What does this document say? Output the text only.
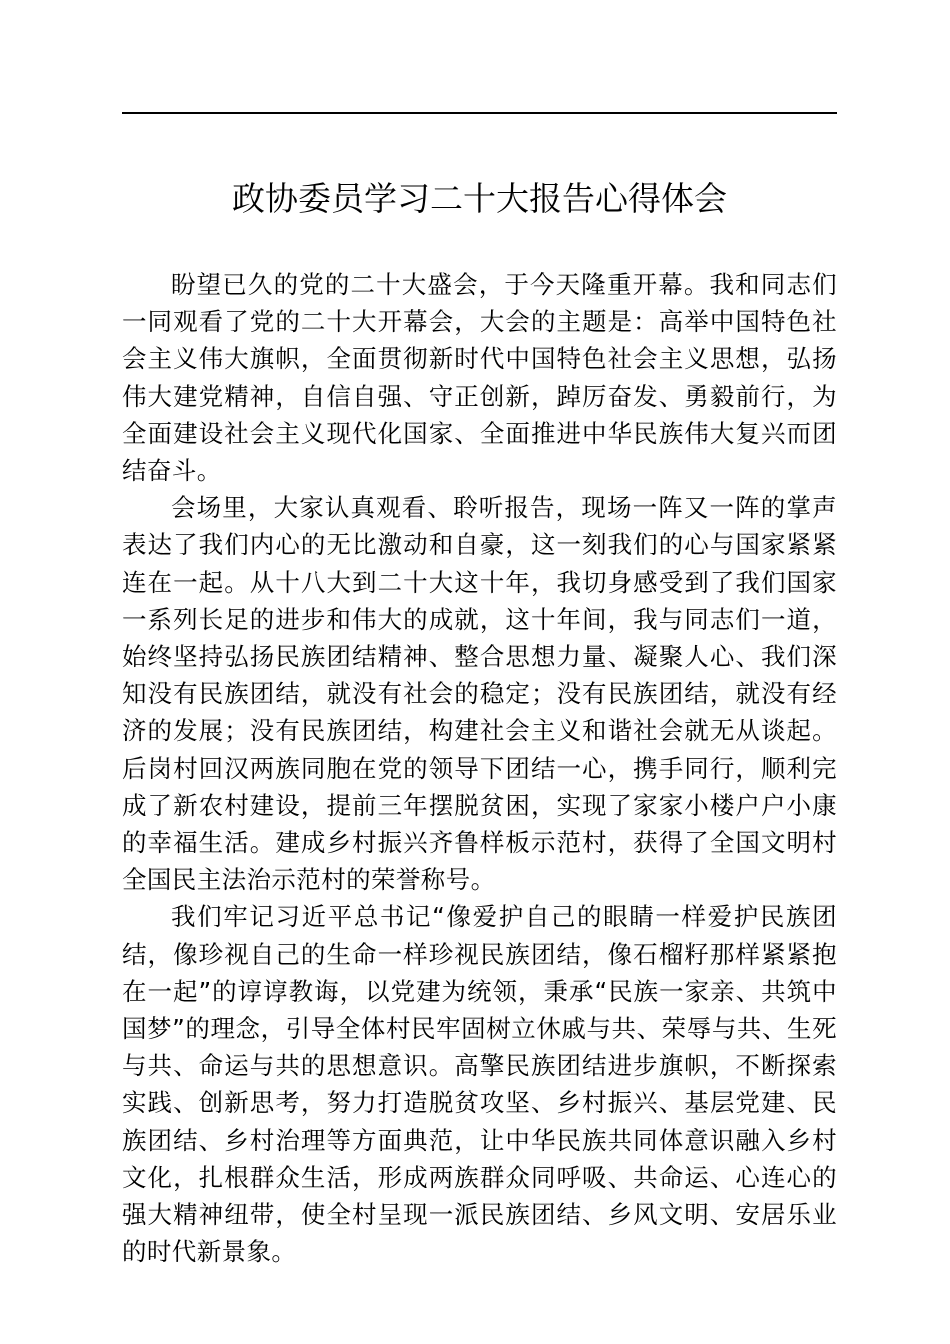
政协委员学习二十大报告心得体会

盼望已久的党的二十大盛会，于今天隆重开幕。我和同志们一同观看了党的二十大开幕会，大会的主题是：高举中国特色社会主义伟大旗帜，全面贯彻新时代中国特色社会主义思想，弘扬伟大建党精神，自信自强、守正创新，踔厉奋发、勇毅前行，为全面建设社会主义现代化国家、全面推进中华民族伟大复兴而团结奋斗。

会场里，大家认真观看、聆听报告，现场一阵又一阵的掌声表达了我们内心的无比激动和自豪，这一刻我们的心与国家紧紧连在一起。从十八大到二十大这十年，我切身感受到了我们国家一系列长足的进步和伟大的成就，这十年间，我与同志们一道，始终坚持弘扬民族团结精神、整合思想力量、凝聚人心、我们深知没有民族团结，就没有社会的稳定；没有民族团结，就没有经济的发展；没有民族团结，构建社会主义和谐社会就无从谈起。后岗村回汉两族同胞在党的领导下团结一心，携手同行，顺利完成了新农村建设，提前三年摆脱贫困，实现了家家小楼户户小康的幸福生活。建成乡村振兴齐鲁样板示范村，获得了全国文明村全国民主法治示范村的荣誉称号。

我们牢记习近平总书记“像爱护自己的眼睛一样爱护民族团结，像珍视自己的生命一样珍视民族团结，像石榴籽那样紧紧抱在一起”的谆谆教诲，以党建为统领，秉承“民族一家亲、共筑中国梦”的理念，引导全体村民牢固树立休戚与共、荣辱与共、生死与共、命运与共的思想意识。高擎民族团结进步旗帜，不断探索实践、创新思考，努力打造脱贫攻坚、乡村振兴、基层党建、民族团结、乡村治理等方面典范，让中华民族共同体意识融入乡村文化，扎根群众生活，形成两族群众同呼吸、共命运、心连心的强大精神纽带，使全村呈现一派民族团结、乡风文明、安居乐业的时代新景象。
